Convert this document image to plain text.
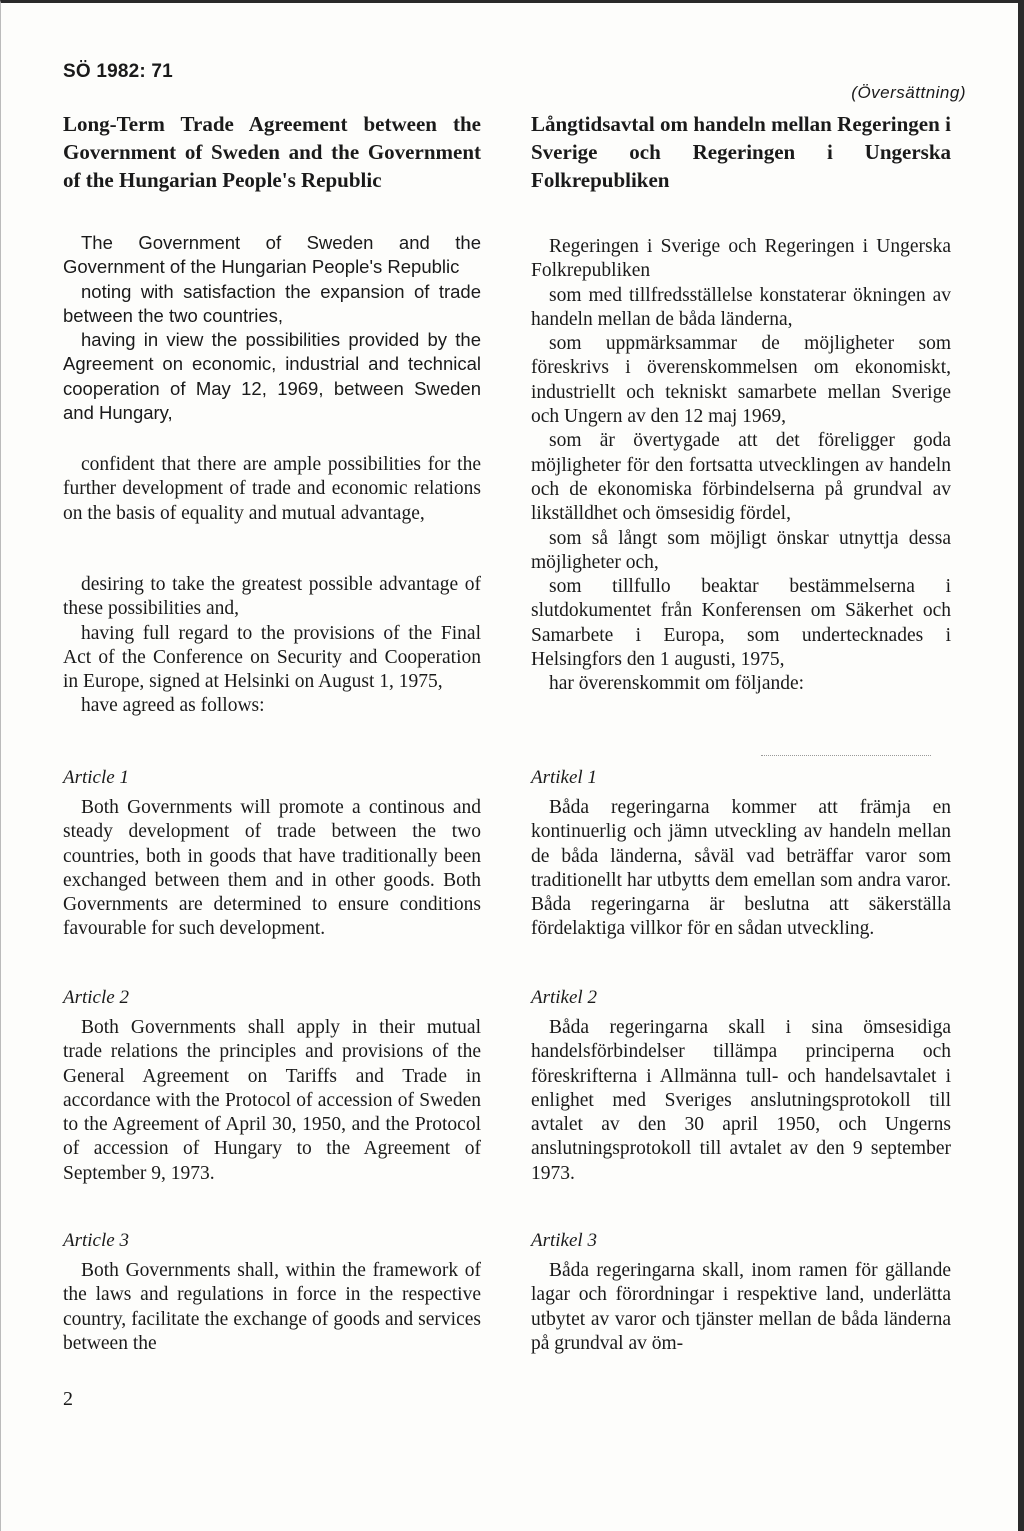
SÖ 1982: 71
(Översättning)
Long-Term Trade Agreement between the Government of Sweden and the Government of the Hungarian People's Republic

The Government of Sweden and the Government of the Hungarian People's Republic

noting with satisfaction the expansion of trade between the two countries,

having in view the possibilities provided by the Agreement on economic, industrial and technical cooperation of May 12, 1969, between Sweden and Hungary,

confident that there are ample possibilities for the further development of trade and economic relations on the basis of equality and mutual advantage,

desiring to take the greatest possible advantage of these possibilities and,

having full regard to the provisions of the Final Act of the Conference on Security and Cooperation in Europe, signed at Helsinki on August 1, 1975,

have agreed as follows:

Article 1

Both Governments will promote a continous and steady development of trade between the two countries, both in goods that have traditionally been exchanged between them and in other goods. Both Governments are determined to ensure conditions favourable for such development.

Article 2

Both Governments shall apply in their mutual trade relations the principles and provisions of the General Agreement on Tariffs and Trade in accordance with the Protocol of accession of Sweden to the Agreement of April 30, 1950, and the Protocol of accession of Hungary to the Agreement of September 9, 1973.

Article 3

Both Governments shall, within the framework of the laws and regulations in force in the respective country, facilitate the exchange of goods and services between the

Långtidsavtal om handeln mellan Regeringen i Sverige och Regeringen i Ungerska Folkrepubliken

Regeringen i Sverige och Regeringen i Ungerska Folkrepubliken

som med tillfredsställelse konstaterar ökningen av handeln mellan de båda länderna,

som uppmärksammar de möjligheter som föreskrivs i överenskommelsen om ekonomiskt, industriellt och tekniskt samarbete mellan Sverige och Ungern av den 12 maj 1969,

som är övertygade att det föreligger goda möjligheter för den fortsatta utvecklingen av handeln och de ekonomiska förbindelserna på grundval av likställdhet och ömsesidig fördel,

som så långt som möjligt önskar utnyttja dessa möjligheter och,

som tillfullo beaktar bestämmelserna i slutdokumentet från Konferensen om Säkerhet och Samarbete i Europa, som undertecknades i Helsingfors den 1 augusti, 1975,

har överenskommit om följande:

Artikel 1

Båda regeringarna kommer att främja en kontinuerlig och jämn utveckling av handeln mellan de båda länderna, såväl vad beträffar varor som traditionellt har utbytts dem emellan som andra varor. Båda regeringarna är beslutna att säkerställa fördelaktiga villkor för en sådan utveckling.

Artikel 2

Båda regeringarna skall i sina ömsesidiga handelsförbindelser tillämpa principerna och föreskrifterna i Allmänna tull- och handelsavtalet i enlighet med Sveriges anslutningsprotokoll till avtalet av den 30 april 1950, och Ungerns anslutningsprotokoll till avtalet av den 9 september 1973.

Artikel 3

Båda regeringarna skall, inom ramen för gällande lagar och förordningar i respektive land, underlätta utbytet av varor och tjänster mellan de båda länderna på grundval av öm-

2
